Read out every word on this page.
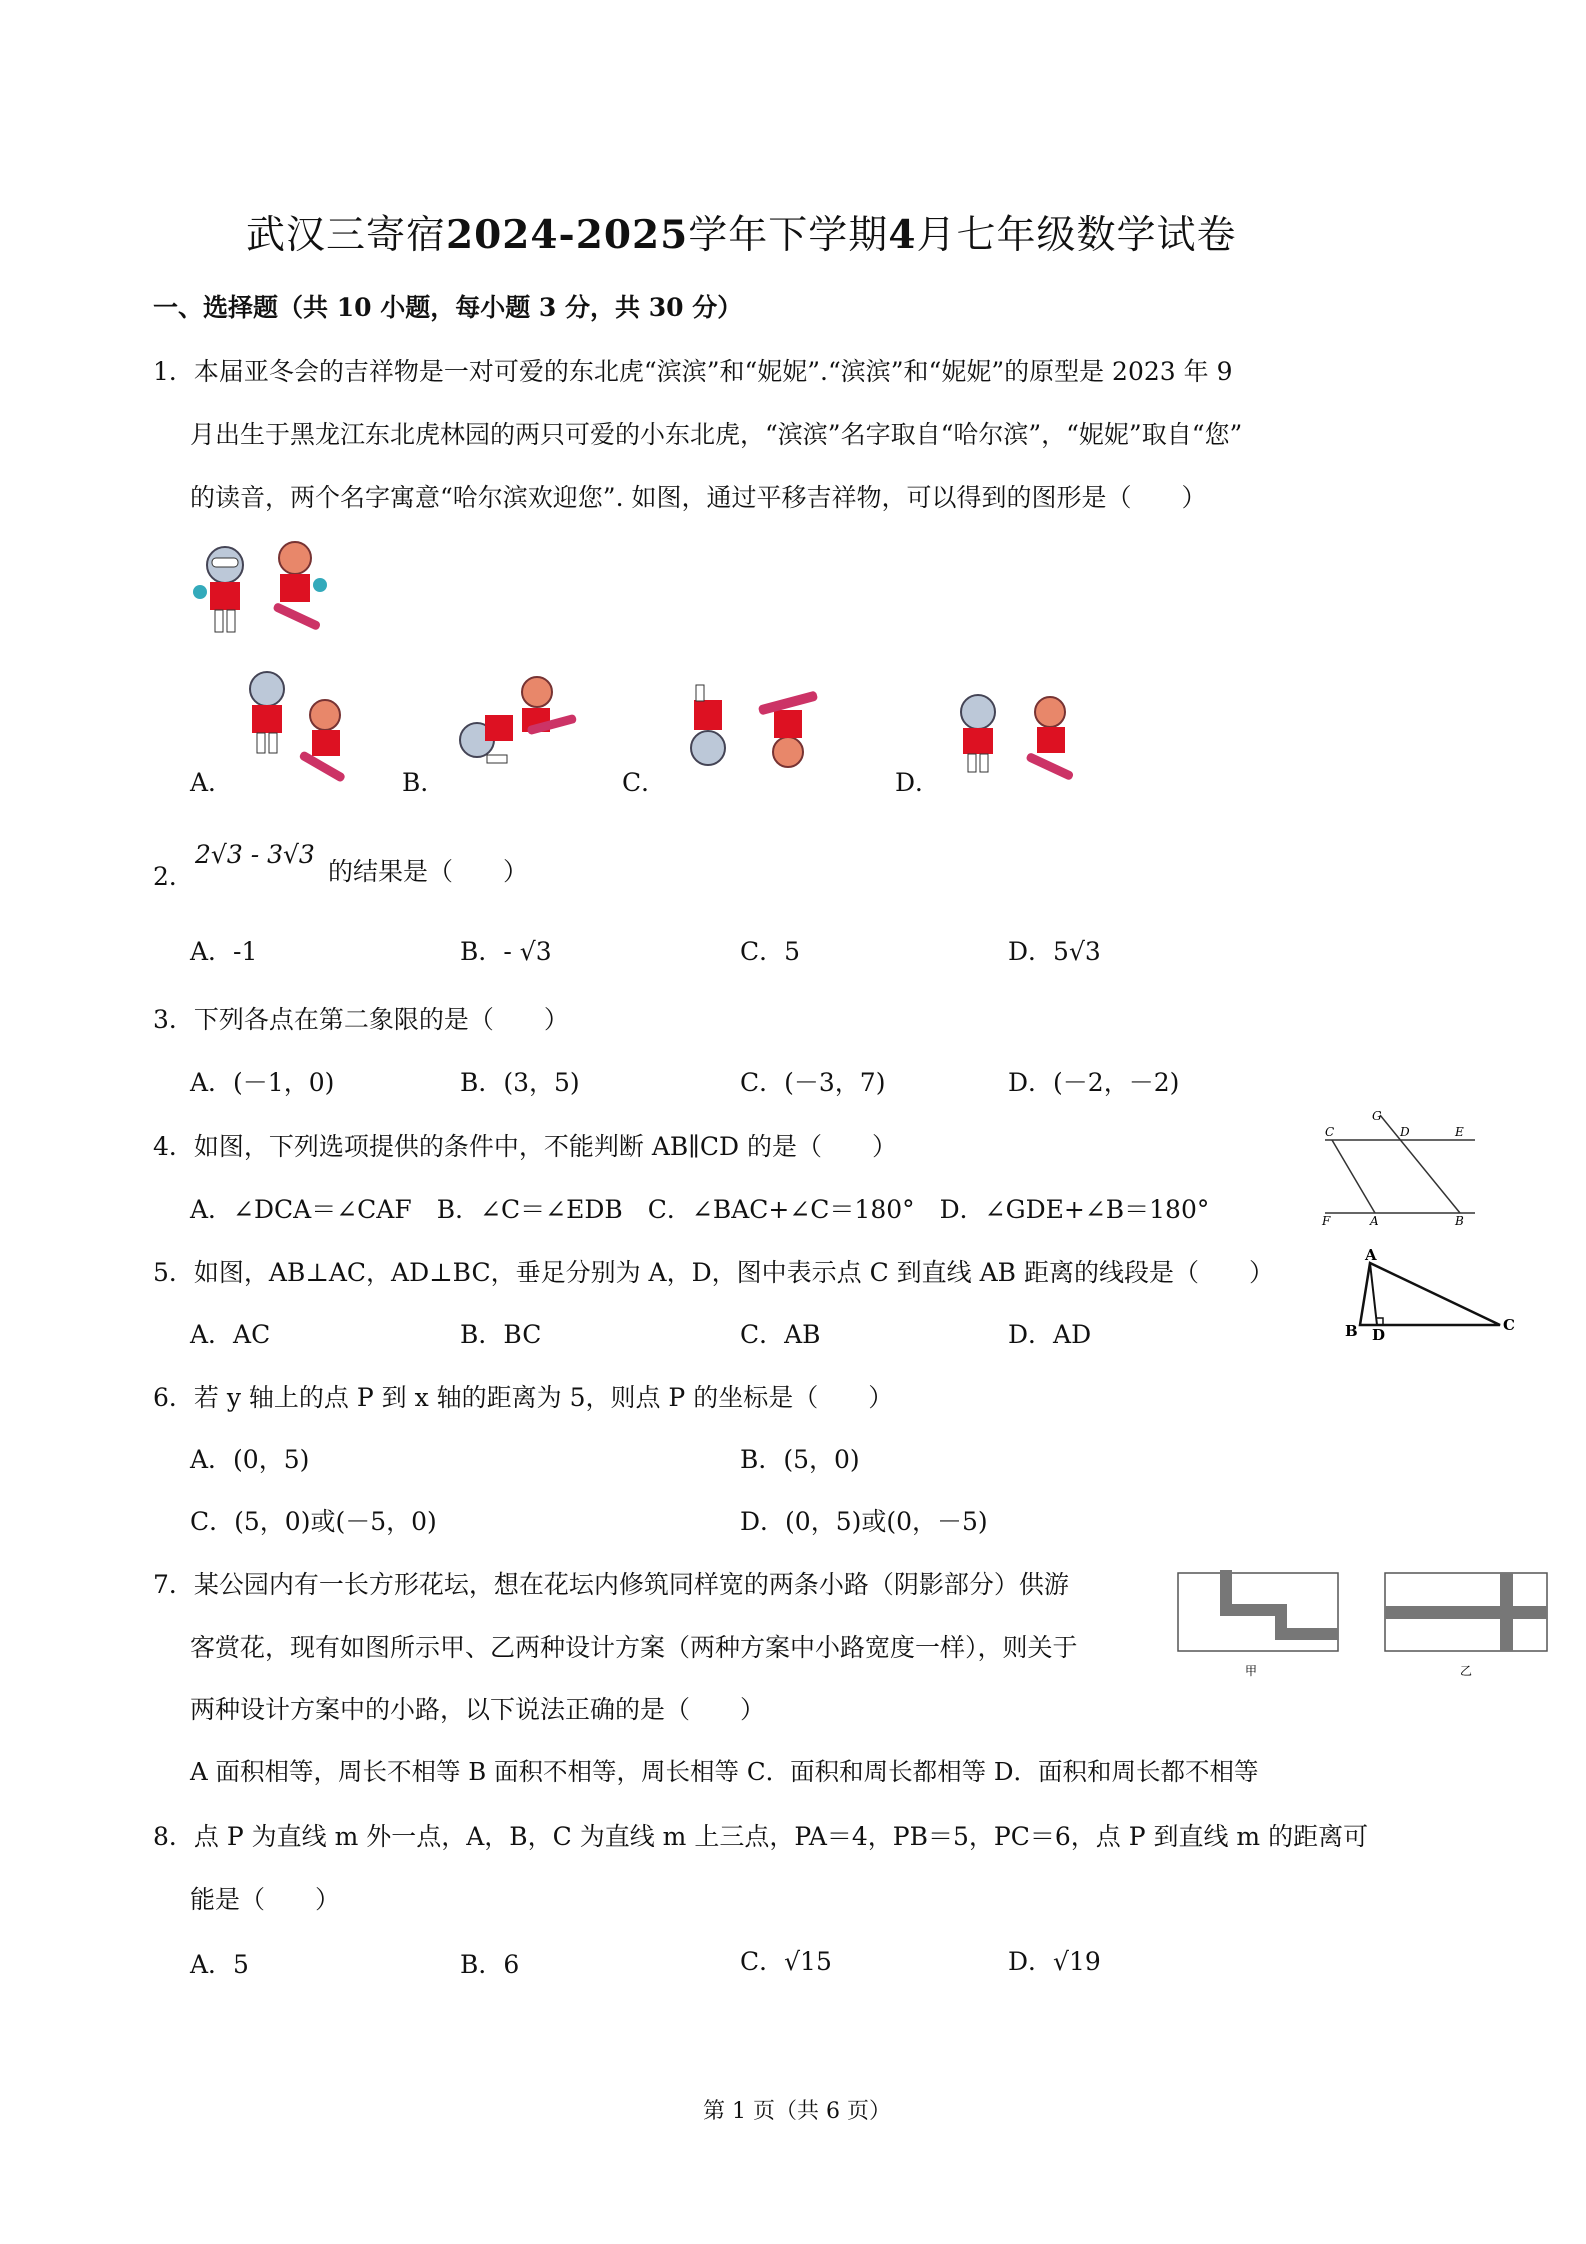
武汉三寄宿2024-2025学年下学期4月七年级数学试卷
一、选择题（共 10 小题，每小题 3 分，共 30 分）
1．本届亚冬会的吉祥物是一对可爱的东北虎“滨滨”和“妮妮”.“滨滨”和“妮妮”的原型是 2023 年 9
月出生于黑龙江东北虎林园的两只可爱的小东北虎，“滨滨”名字取自“哈尔滨”，“妮妮”取自“您”
的读音，两个名字寓意“哈尔滨欢迎您”. 如图，通过平移吉祥物，可以得到的图形是（　　）
A．	B．	C．	D．
2．
2√3 - 3√3
的结果是（　　）
A．-1	B．- √3	C．5	D．5√3
3．下列各点在第二象限的是（　　）
A．(－1，0)	B．(3，5)	C．(－3，7)	D．(－2，－2)
4．如图，下列选项提供的条件中，不能判断 AB∥CD 的是（　　）
A．∠DCA＝∠CAF　B．∠C＝∠EDB　C．∠BAC+∠C＝180°　D．∠GDE+∠B＝180°
G
C	D	E
F	A	B
5．如图，AB⊥AC，AD⊥BC，垂足分别为 A，D，图中表示点 C 到直线 AB 距离的线段是（　　）
A．AC	B．BC	C．AB	D．AD
A
B D
C
6．若 y 轴上的点 P 到 x 轴的距离为 5，则点 P 的坐标是（　　）
A．(0，5)	B．(5，0)
C．(5，0)或(－5，0)	D．(0，5)或(0，－5)
7．某公园内有一长方形花坛，想在花坛内修筑同样宽的两条小路（阴影部分）供游
客赏花，现有如图所示甲、乙两种设计方案（两种方案中小路宽度一样），则关于
两种设计方案中的小路，以下说法正确的是（　　）
A 面积相等，周长不相等 B 面积不相等，周长相等 C．面积和周长都相等 D．面积和周长都不相等
甲	乙
8．点 P 为直线 m 外一点，A，B，C 为直线 m 上三点，PA＝4，PB＝5，PC＝6，点 P 到直线 m 的距离可
能是（　　）
A．5	B．6	C．√15	D．√19
第 1 页（共 6 页）
